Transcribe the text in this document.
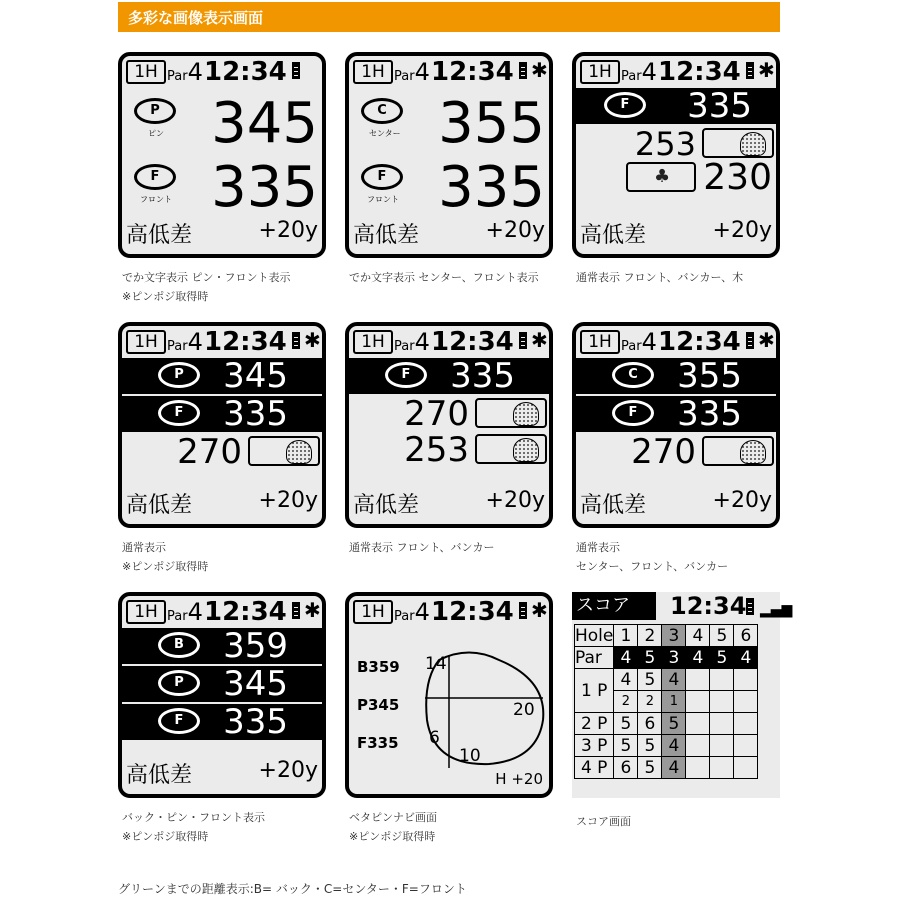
多彩な画像表示画面
1H Par4 12:34
P
ピン 345
F
フロント 335
高低差	+20y
でか文字表示 ピン・フロント表示
※ピンポジ取得時
1H Par4 12:34 ✱
C
センター 355
F
フロント 335
高低差	+20y
でか文字表示 センター、フロント表示
1H Par4 12:34 ✱
F	335
253
♣ 230
高低差	+20y
通常表示 フロント、バンカー、木
1H Par4 12:34 ✱
P	345
F	335
270
高低差	+20y
通常表示
※ピンポジ取得時
1H Par4 12:34 ✱
F	335
270
253
高低差	+20y
通常表示 フロント、バンカー
1H Par4 12:34 ✱
C	355
F	335
270
高低差	+20y
通常表示
センター、フロント、バンカー
1H Par4 12:34 ✱
B	359
P	345
F	335
高低差	+20y
バック・ピン・フロント表示
※ピンポジ取得時
1H Par4 12:34 ✱
B359
P345
F335
14
20
6
10
H +20
ベタピンナビ画面
※ピンポジ取得時
スコア	12:34 ▂▄▆
Hole	1	2	3	4	5	6
Par	4	5	3	4	5	4
1 P	4	5	4			
	2	2	1			
2 P	5	6	5			
3 P	5	5	4			
4 P	6	5	4			
スコア画面
グリーンまでの距離表示:B= バック・C=センター・F=フロント
